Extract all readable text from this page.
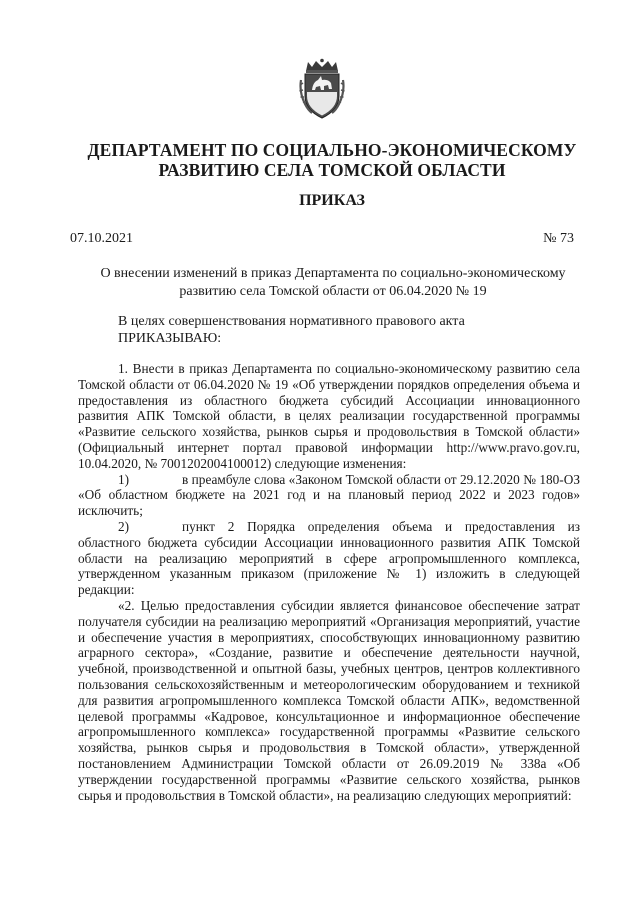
ДЕПАРТАМЕНТ ПО СОЦИАЛЬНО-ЭКОНОМИЧЕСКОМУ
РАЗВИТИЮ СЕЛА ТОМСКОЙ ОБЛАСТИ
ПРИКАЗ
07.10.2021	№ 73
О внесении изменений в приказ Департамента по социально-экономическому
развитию села Томской области от 06.04.2020 № 19
В целях совершенствования нормативного правового акта
ПРИКАЗЫВАЮ:

1. Внести в приказ Департамента по социально-экономическому развитию села Томской области от 06.04.2020 № 19 «Об утверждении порядков определения объема и предоставления из областного бюджета субсидий Ассоциации инновационного развития АПК Томской области, в целях реализации государственной программы «Развитие сельского хозяйства, рынков сырья и продовольствия в Томской области» (Официальный интернет портал правовой информации http://www.pravo.gov.ru, 10.04.2020, № 7001202004100012) следующие изменения:

1)	в преамбуле слова «Законом Томской области от 29.12.2020 № 180-ОЗ «Об областном бюджете на 2021 год и на плановый период 2022 и 2023 годов» исключить;

2)	пункт 2 Порядка определения объема и предоставления из областного бюджета субсидии Ассоциации инновационного развития АПК Томской области на реализацию мероприятий в сфере агропромышленного комплекса, утвержденном указанным приказом (приложение № 1) изложить в следующей редакции:

«2. Целью предоставления субсидии является финансовое обеспечение затрат получателя субсидии на реализацию мероприятий «Организация мероприятий, участие и обеспечение участия в мероприятиях, способствующих инновационному развитию аграрного сектора», «Создание, развитие и обеспечение деятельности научной, учебной, производственной и опытной базы, учебных центров, центров коллективного пользования сельскохозяйственным и метеорологическим оборудованием и техникой для развития агропромышленного комплекса Томской области АПК», ведомственной целевой программы «Кадровое, консультационное и информационное обеспечение агропромышленного комплекса» государственной программы «Развитие сельского хозяйства, рынков сырья и продовольствия в Томской области», утвержденной постановлением Администрации Томской области от 26.09.2019 № 338а «Об утверждении государственной программы «Развитие сельского хозяйства, рынков сырья и продовольствия в Томской области», на реализацию следующих мероприятий:
